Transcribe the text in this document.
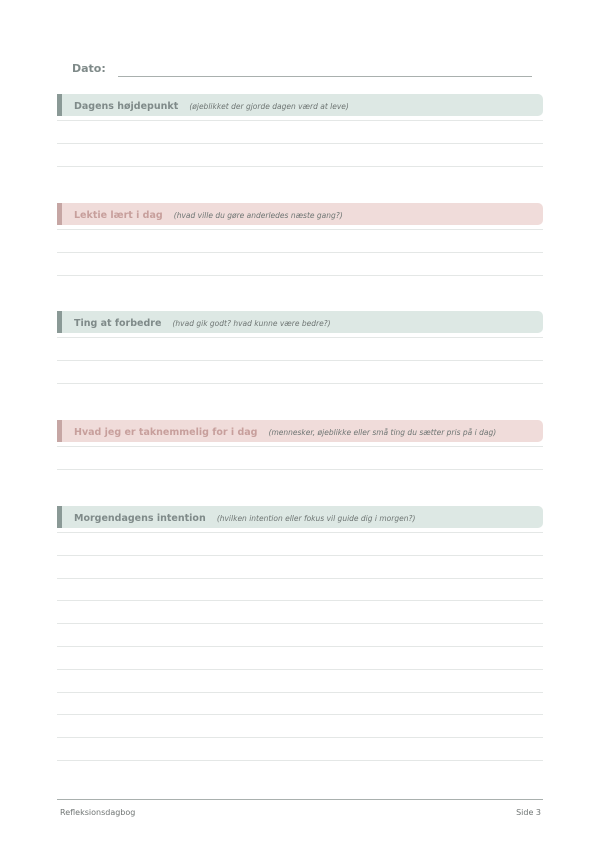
Dato:
Dagens højdepunkt (øjeblikket der gjorde dagen værd at leve)
Lektie lært i dag (hvad ville du gøre anderledes næste gang?)
Ting at forbedre (hvad gik godt? hvad kunne være bedre?)
Hvad jeg er taknemmelig for i dag (mennesker, øjeblikke eller små ting du sætter pris på i dag)
Morgendagens intention (hvilken intention eller fokus vil guide dig i morgen?)
Refleksionsdagbog	Side 3
